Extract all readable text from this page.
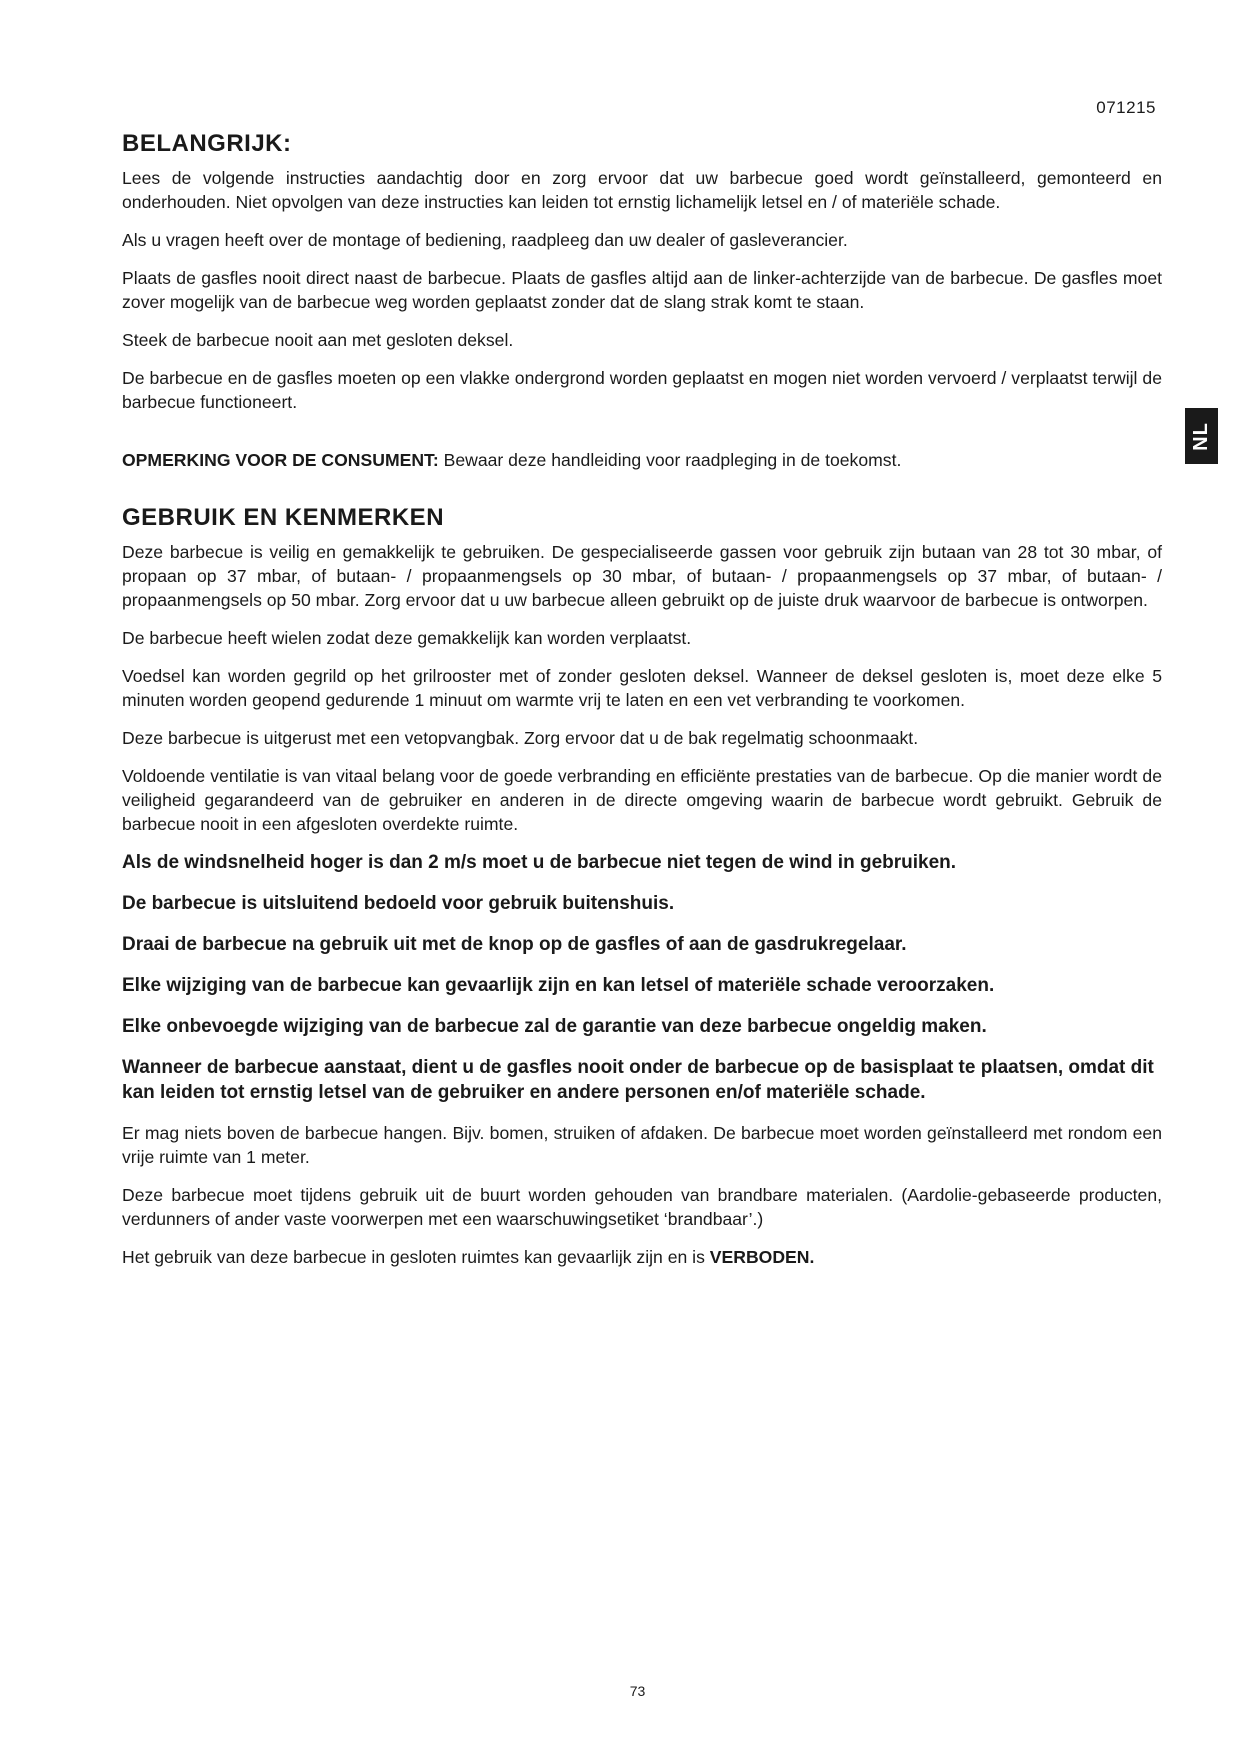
071215
NL
BELANGRIJK:

Lees de volgende instructies aandachtig door en zorg ervoor dat uw barbecue goed wordt geïnstalleerd, gemonteerd en onderhouden. Niet opvolgen van deze instructies kan leiden tot ernstig lichamelijk letsel en / of materiële schade.

Als u vragen heeft over de montage of bediening, raadpleeg dan uw dealer of gasleverancier.

Plaats de gasfles nooit direct naast de barbecue. Plaats de gasfles altijd aan de linker-achterzijde van de barbecue. De gasfles moet zover mogelijk van de barbecue weg worden geplaatst zonder dat de slang strak komt te staan.

Steek de barbecue nooit aan met gesloten deksel.

De barbecue en de gasfles moeten op een vlakke ondergrond worden geplaatst en mogen niet worden vervoerd / verplaatst terwijl de barbecue functioneert.

OPMERKING VOOR DE CONSUMENT: Bewaar deze handleiding voor raadpleging in de toekomst.

GEBRUIK EN KENMERKEN

Deze barbecue is veilig en gemakkelijk te gebruiken. De gespecialiseerde gassen voor gebruik zijn butaan van 28 tot 30 mbar, of propaan op 37 mbar, of butaan- / propaanmengsels op 30 mbar, of butaan- / propaanmengsels op 37 mbar, of butaan- / propaanmengsels op 50 mbar. Zorg ervoor dat u uw barbecue alleen gebruikt op de juiste druk waarvoor de barbecue is ontworpen.

De barbecue heeft wielen zodat deze gemakkelijk kan worden verplaatst.

Voedsel kan worden gegrild op het grilrooster met of zonder gesloten deksel. Wanneer de deksel gesloten is, moet deze elke 5 minuten worden geopend gedurende 1 minuut om warmte vrij te laten en een vet verbranding te voorkomen.

Deze barbecue is uitgerust met een vetopvangbak. Zorg ervoor dat u de bak regelmatig schoonmaakt.

Voldoende ventilatie is van vitaal belang voor de goede verbranding en efficiënte prestaties van de barbecue. Op die manier wordt de veiligheid gegarandeerd van de gebruiker en anderen in de directe omgeving waarin de barbecue wordt gebruikt. Gebruik de barbecue nooit in een afgesloten overdekte ruimte.

Als de windsnelheid hoger is dan 2 m/s moet u de barbecue niet tegen de wind in gebruiken.

De barbecue is uitsluitend bedoeld voor gebruik buitenshuis.

Draai de barbecue na gebruik uit met de knop op de gasfles of aan de gasdrukregelaar.

Elke wijziging van de barbecue kan gevaarlijk zijn en kan letsel of materiële schade veroorzaken.

Elke onbevoegde wijziging van de barbecue zal de garantie van deze barbecue ongeldig maken.

Wanneer de barbecue aanstaat, dient u de gasfles nooit onder de barbecue op de basisplaat te plaatsen, omdat dit kan leiden tot ernstig letsel van de gebruiker en andere personen en/of materiële schade.

Er mag niets boven de barbecue hangen. Bijv. bomen, struiken of afdaken. De barbecue moet worden geïnstalleerd met rondom een vrije ruimte van 1 meter.

Deze barbecue moet tijdens gebruik uit de buurt worden gehouden van brandbare materialen. (Aardolie-gebaseerde producten, verdunners of ander vaste voorwerpen met een waarschuwingsetiket ‘brandbaar’.)

Het gebruik van deze barbecue in gesloten ruimtes kan gevaarlijk zijn en is VERBODEN.

73
